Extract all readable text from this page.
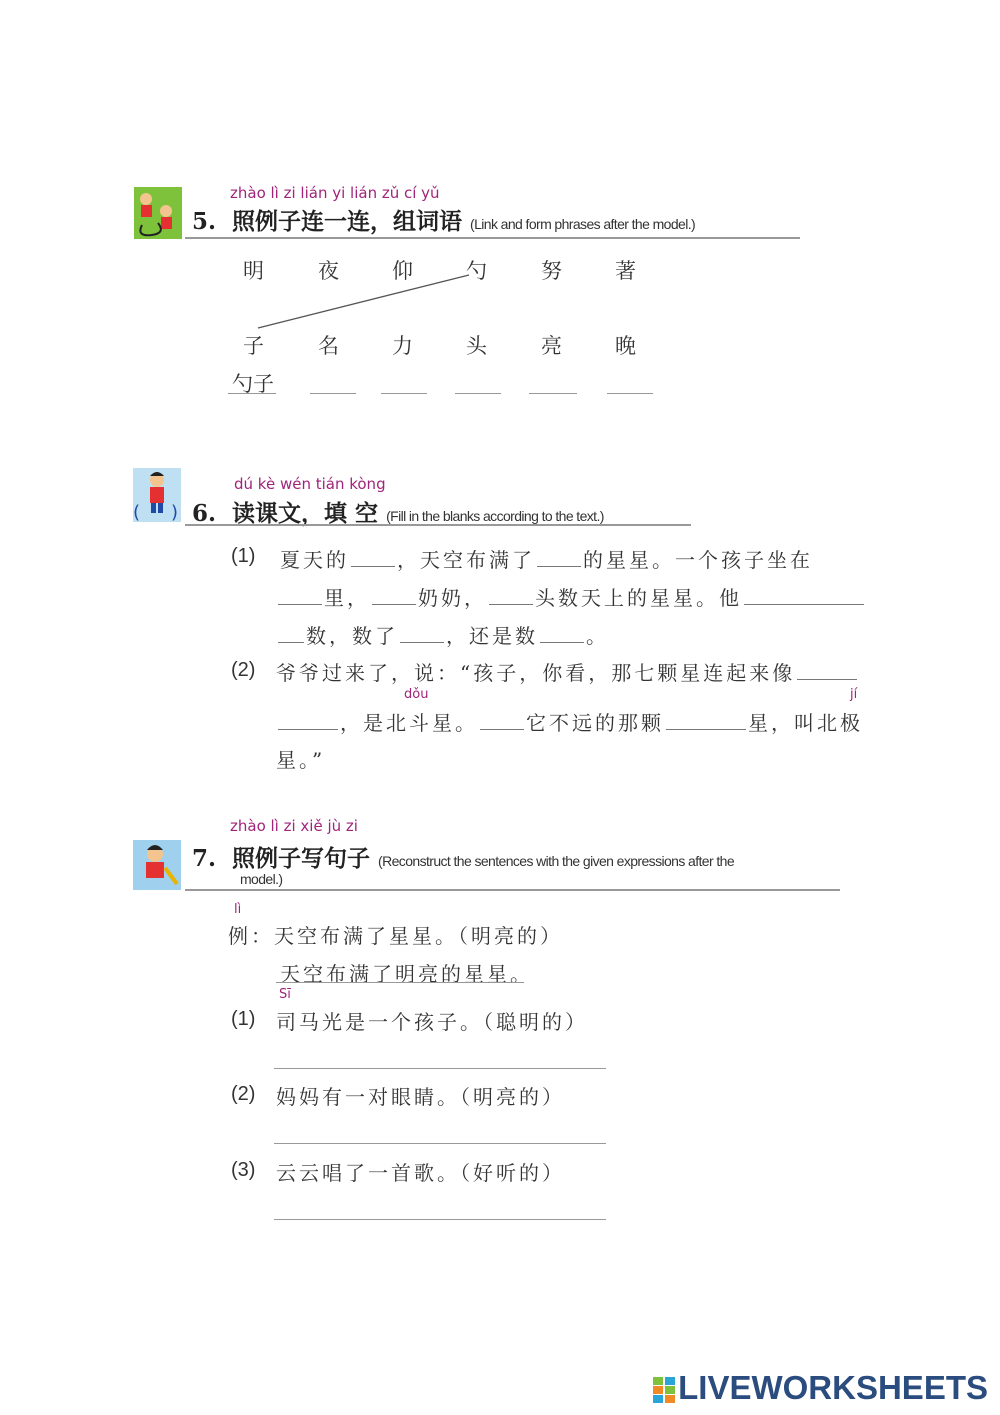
zhào lì zi lián yi lián zǔ cí yǔ
5. 照例子连一连，组词语 (Link and form phrases after the model.)
明	夜	仰	勺	努	著
子	名	力	头	亮	晚
勺子
dú kè wén tián kòng
( ) 6. 读课文，填 空 (Fill in the blanks according to the text.)
(1) 夏天的 ，天空布满了 的星星。一个孩子坐在
里， 奶奶， 头数天上的星星。他
数，数了 ，还是数 。
(2) 爷爷过来了，说：“孩子，你看，那七颗星连起来像
dǒu	jí
，是北斗星。 它不远的那颗	星，叫北极
星。”
zhào lì zi xiě jù zi
7. 照例子写句子 (Reconstruct the sentences with the given expressions after the
model.)
lì
例：天空布满了星星。（明亮的）
天空布满了明亮的星星。
Sī
(1) 司马光是一个孩子。（聪明的）
(2) 妈妈有一对眼睛。（明亮的）
(3) 云云唱了一首歌。（好听的）
LIVEWORKSHEETS
